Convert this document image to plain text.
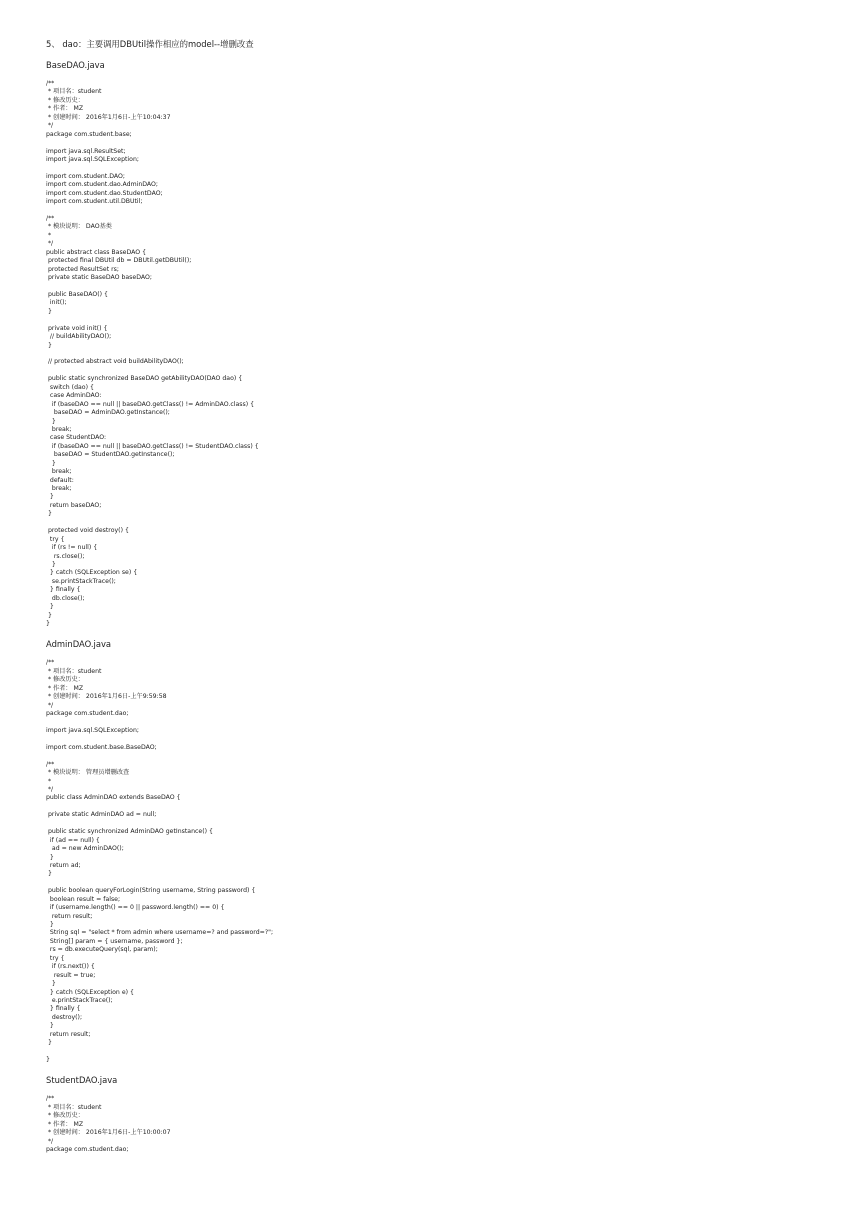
5、 dao：主要调用DBUtil操作相应的model--增删改查
BaseDAO.java
/**
* 项目名：student
* 修改历史：
* 作者： MZ
* 创建时间： 2016年1月6日-上午10:04:37
*/
package com.student.base;
import java.sql.ResultSet;
import java.sql.SQLException;
import com.student.DAO;
import com.student.dao.AdminDAO;
import com.student.dao.StudentDAO;
import com.student.util.DBUtil;
/**
* 模块说明： DAO基类
*
*/
public abstract class BaseDAO {
protected final DBUtil db = DBUtil.getDBUtil();
protected ResultSet rs;
private static BaseDAO baseDAO;
public BaseDAO() {
init();
}
private void init() {
// buildAbilityDAO();
}
// protected abstract void buildAbilityDAO();
public static synchronized BaseDAO getAbilityDAO(DAO dao) {
switch (dao) {
case AdminDAO:
if (baseDAO == null || baseDAO.getClass() != AdminDAO.class) {
baseDAO = AdminDAO.getInstance();
}
break;
case StudentDAO:
if (baseDAO == null || baseDAO.getClass() != StudentDAO.class) {
baseDAO = StudentDAO.getInstance();
}
break;
default:
break;
}
return baseDAO;
}
protected void destroy() {
try {
if (rs != null) {
rs.close();
}
} catch (SQLException se) {
se.printStackTrace();
} finally {
db.close();
}
}
}
AdminDAO.java
/**
* 项目名：student
* 修改历史：
* 作者： MZ
* 创建时间： 2016年1月6日-上午9:59:58
*/
package com.student.dao;
import java.sql.SQLException;
import com.student.base.BaseDAO;
/**
* 模块说明： 管理员增删改查
*
*/
public class AdminDAO extends BaseDAO {
private static AdminDAO ad = null;
public static synchronized AdminDAO getInstance() {
if (ad == null) {
ad = new AdminDAO();
}
return ad;
}
public boolean queryForLogin(String username, String password) {
boolean result = false;
if (username.length() == 0 || password.length() == 0) {
return result;
}
String sql = "select * from admin where username=? and password=?";
String[] param = { username, password };
rs = db.executeQuery(sql, param);
try {
if (rs.next()) {
result = true;
}
} catch (SQLException e) {
e.printStackTrace();
} finally {
destroy();
}
return result;
}
}
StudentDAO.java
/**
* 项目名：student
* 修改历史：
* 作者： MZ
* 创建时间： 2016年1月6日-上午10:00:07
*/
package com.student.dao;
